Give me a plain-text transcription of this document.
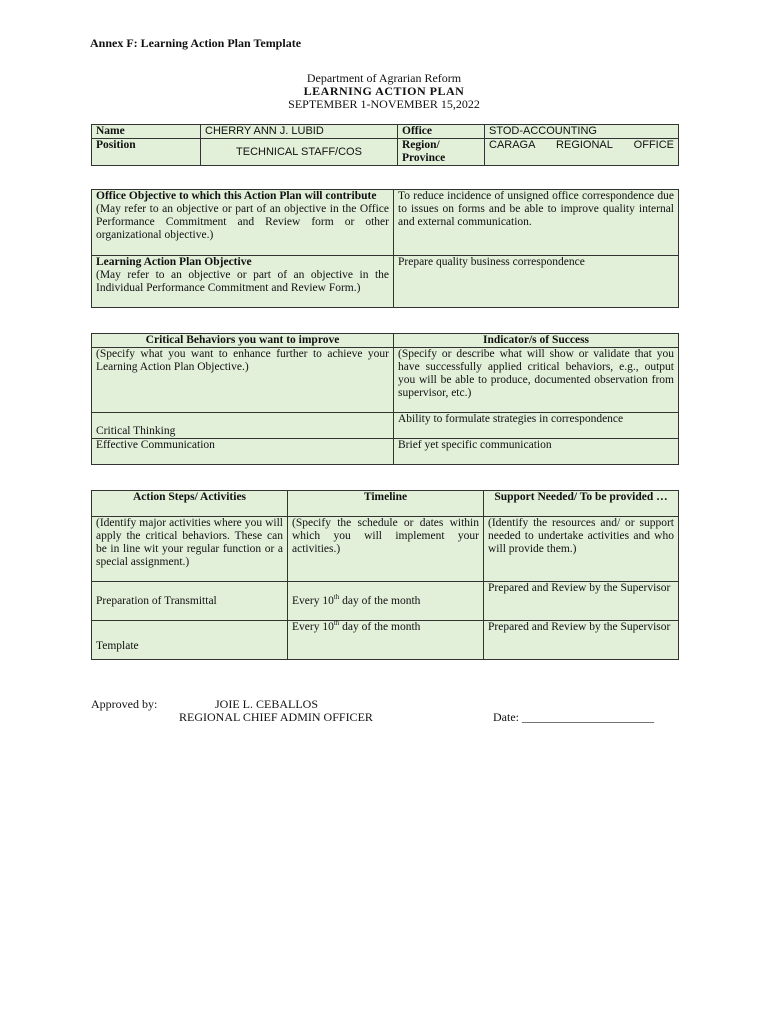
Annex F: Learning Action Plan Template
Department of Agrarian Reform
LEARNING ACTION PLAN
SEPTEMBER 1-NOVEMBER 15,2022
Name	CHERRY ANN J. LUBID	Office	STOD-ACCOUNTING
Position	TECHNICAL STAFF/COS	Region/ Province	CARAGA REGIONAL OFFICE
Office Objective to which this Action Plan will contribute
(May refer to an objective or part of an objective in the Office Performance Commitment and Review form or other organizational objective.)	To reduce incidence of unsigned office correspondence due to issues on forms and be able to improve quality internal and external communication.

Learning Action Plan Objective
(May refer to an objective or part of an objective in the Individual Performance Commitment and Review Form.)	Prepare quality business correspondence
Critical Behaviors you want to improve	Indicator/s of Success
(Specify what you want to enhance further to achieve your Learning Action Plan Objective.)	(Specify or describe what will show or validate that you have successfully applied critical behaviors, e.g., output you will be able to produce, documented observation from supervisor, etc.)
Critical Thinking	Ability to formulate strategies in correspondence
Effective Communication	Brief yet specific communication
Action Steps/ Activities	Timeline	Support Needed/ To be provided …
(Identify major activities where you will apply the critical behaviors. These can be in line wit your regular function or a special assignment.)	(Specify the schedule or dates within which you will implement your activities.)	(Identify the resources and/ or support needed to undertake activities and who will provide them.)
Preparation of Transmittal	Every 10th day of the month	Prepared and Review by the Supervisor
Template	Every 10th day of the month	Prepared and Review by the Supervisor
Approved by:	JOIE L. CEBALLOS
REGIONAL CHIEF ADMIN OFFICER	Date: ______________________
